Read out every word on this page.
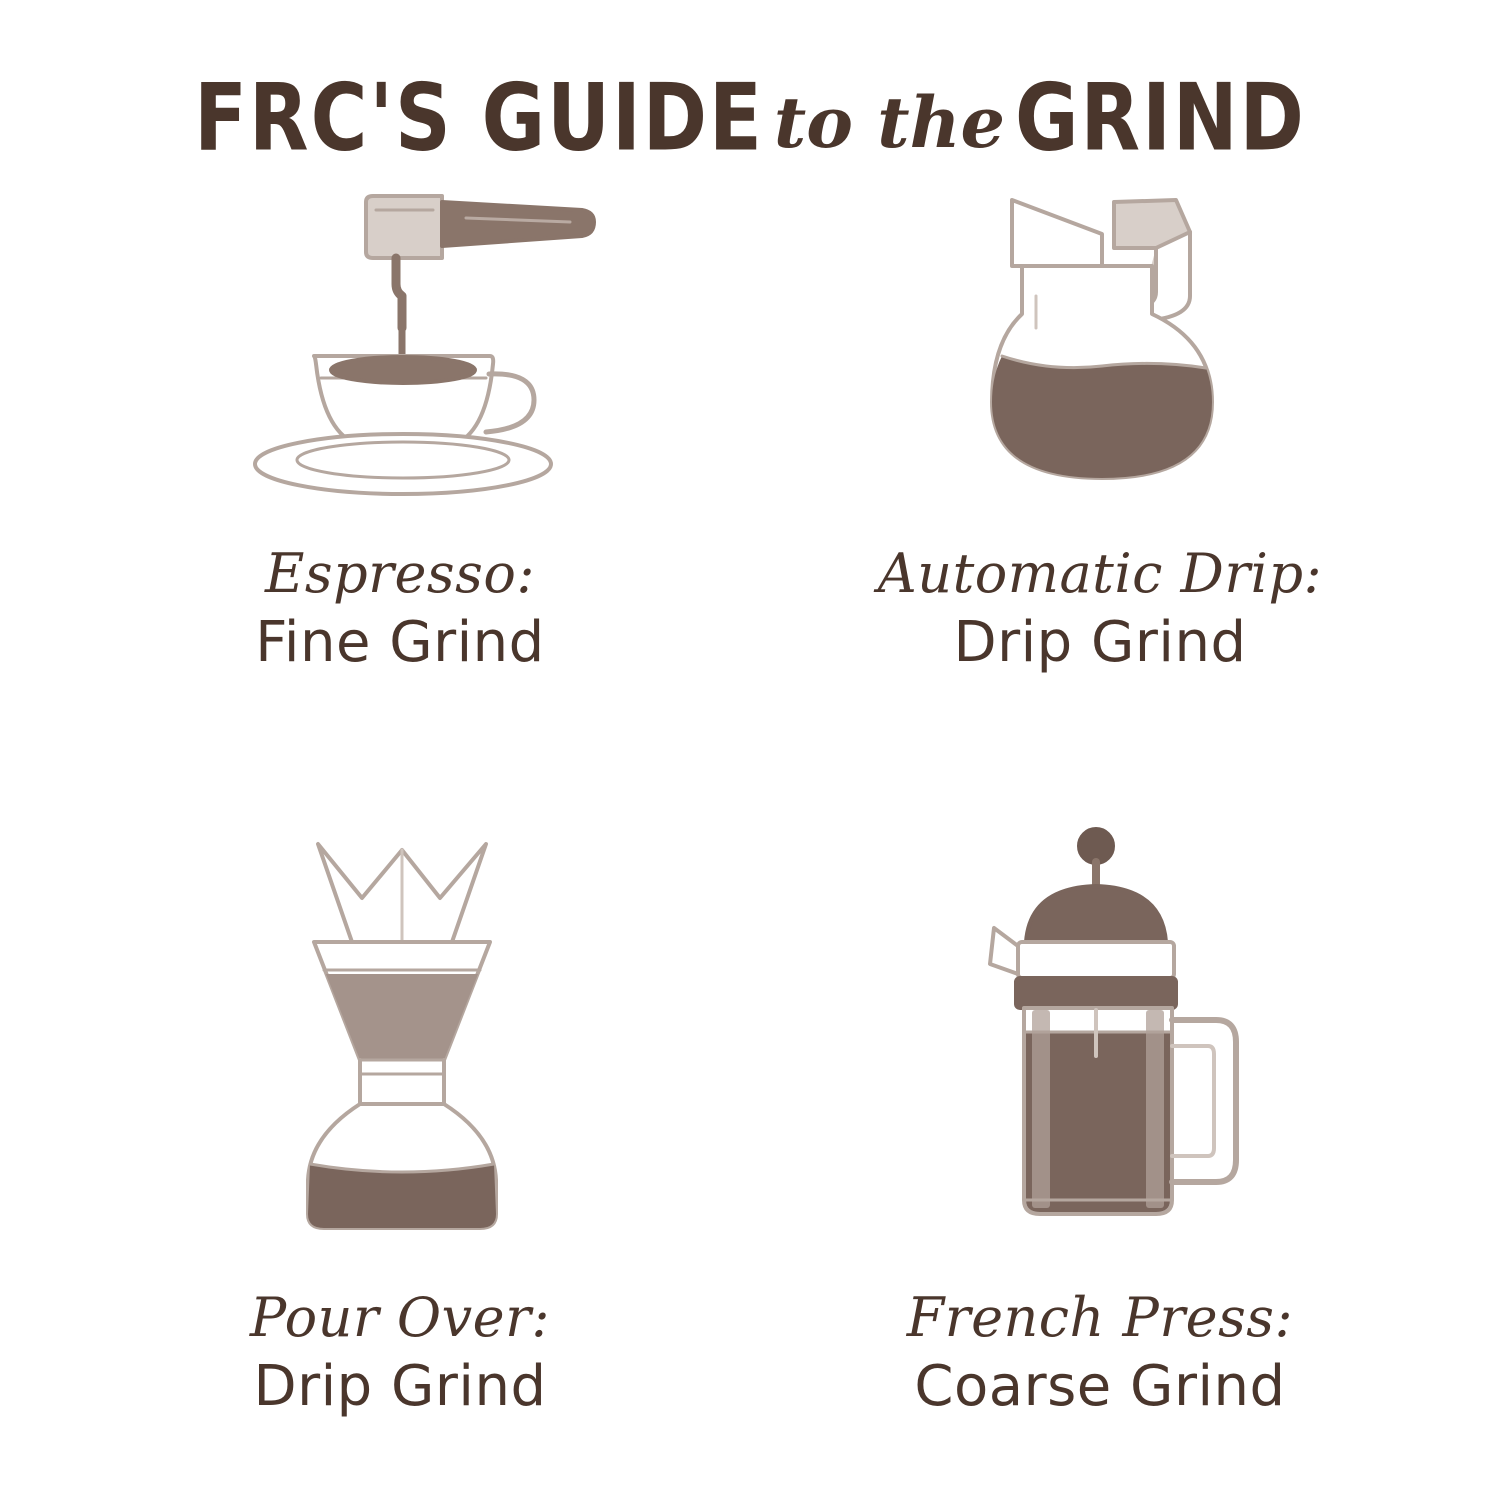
FRC'S GUIDE to the GRIND
Espresso:
Fine Grind
Automatic Drip:
Drip Grind
Pour Over:
Drip Grind
French Press:
Coarse Grind
